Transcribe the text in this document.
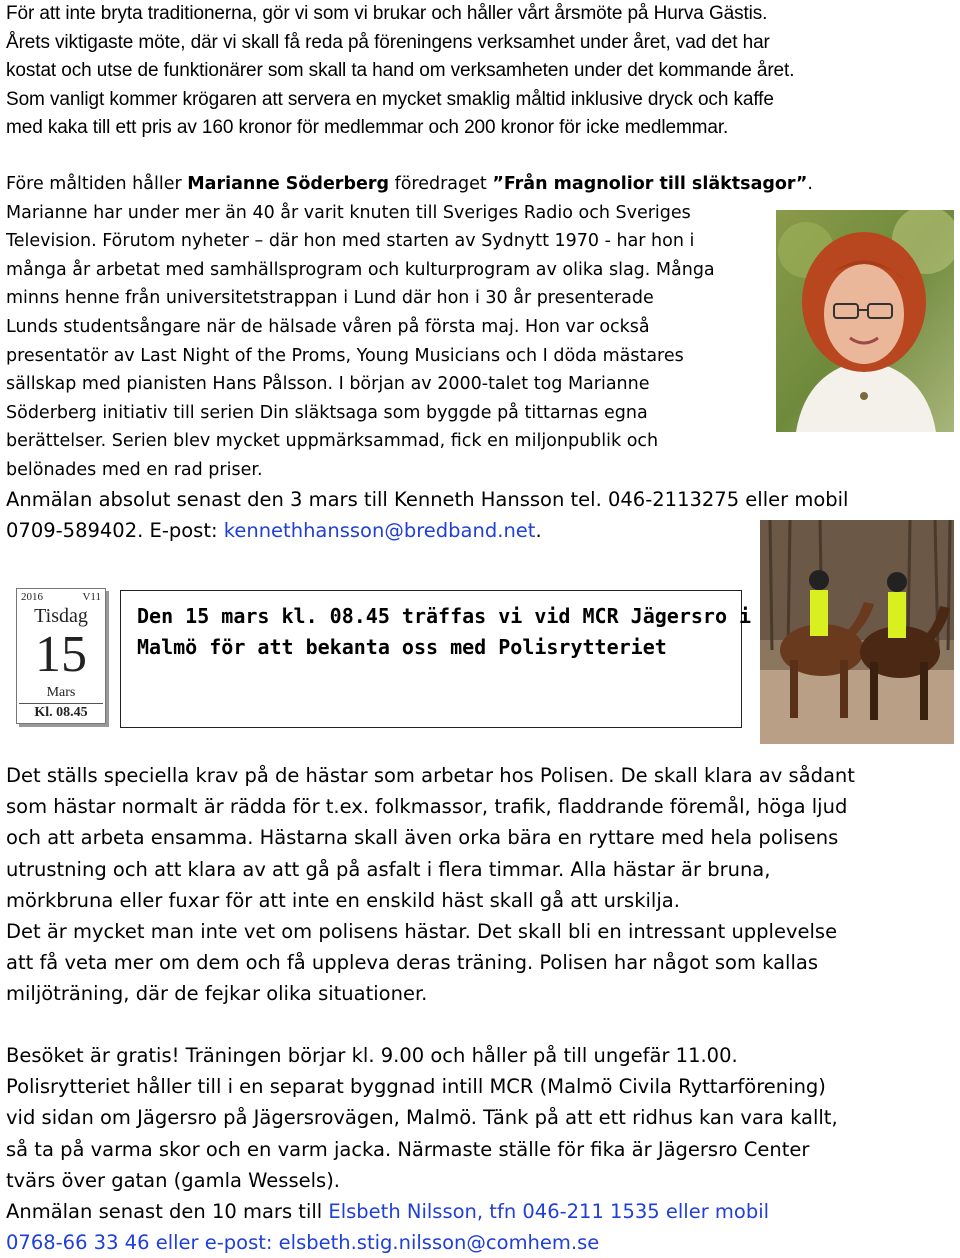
För att inte bryta traditionerna, gör vi som vi brukar och håller vårt årsmöte på Hurva Gästis.
Årets viktigaste möte, där vi skall få reda på föreningens verksamhet under året, vad det har
kostat och utse de funktionärer som skall ta hand om verksamheten under det kommande året.
Som vanligt kommer krögaren att servera en mycket smaklig måltid inklusive dryck och kaffe
med kaka till ett pris av 160 kronor för medlemmar och 200 kronor för icke medlemmar.
Före måltiden håller Marianne Söderberg föredraget ”Från magnolior till släktsagor”.
Marianne har under mer än 40 år varit knuten till Sveriges Radio och Sveriges
Television. Förutom nyheter – där hon med starten av Sydnytt 1970 - har hon i
många år arbetat med samhällsprogram och kulturprogram av olika slag. Många
minns henne från universitetstrappan i Lund där hon i 30 år presenterade
Lunds studentsångare när de hälsade våren på första maj. Hon var också
presentatör av Last Night of the Proms, Young Musicians och I döda mästares
sällskap med pianisten Hans Pålsson. I början av 2000-talet tog Marianne
Söderberg initiativ till serien Din släktsaga som byggde på tittarnas egna
berättelser. Serien blev mycket uppmärksammad, fick en miljonpublik och
belönades med en rad priser.
Anmälan absolut senast den 3 mars till Kenneth Hansson tel. 046-2113275 eller mobil
0709-589402. E-post: kennethhansson@bredband.net.
2016	V11
Tisdag
15
Mars
Kl. 08.45
Den 15 mars kl. 08.45 träffas vi vid MCR Jägersro i
Malmö för att bekanta oss med Polisrytteriet
Det ställs speciella krav på de hästar som arbetar hos Polisen. De skall klara av sådant
som hästar normalt är rädda för t.ex. folkmassor, trafik, fladdrande föremål, höga ljud
och att arbeta ensamma. Hästarna skall även orka bära en ryttare med hela polisens
utrustning och att klara av att gå på asfalt i flera timmar. Alla hästar är bruna,
mörkbruna eller fuxar för att inte en enskild häst skall gå att urskilja.
Det är mycket man inte vet om polisens hästar. Det skall bli en intressant upplevelse
att få veta mer om dem och få uppleva deras träning. Polisen har något som kallas
miljöträning, där de fejkar olika situationer.
Besöket är gratis! Träningen börjar kl. 9.00 och håller på till ungefär 11.00.
Polisrytteriet håller till i en separat byggnad intill MCR (Malmö Civila Ryttarförening)
vid sidan om Jägersro på Jägersrovägen, Malmö. Tänk på att ett ridhus kan vara kallt,
så ta på varma skor och en varm jacka. Närmaste ställe för fika är Jägersro Center
tvärs över gatan (gamla Wessels).
Anmälan senast den 10 mars till Elsbeth Nilsson, tfn 046-211 1535 eller mobil
0768-66 33 46 eller e-post: elsbeth.stig.nilsson@comhem.se
